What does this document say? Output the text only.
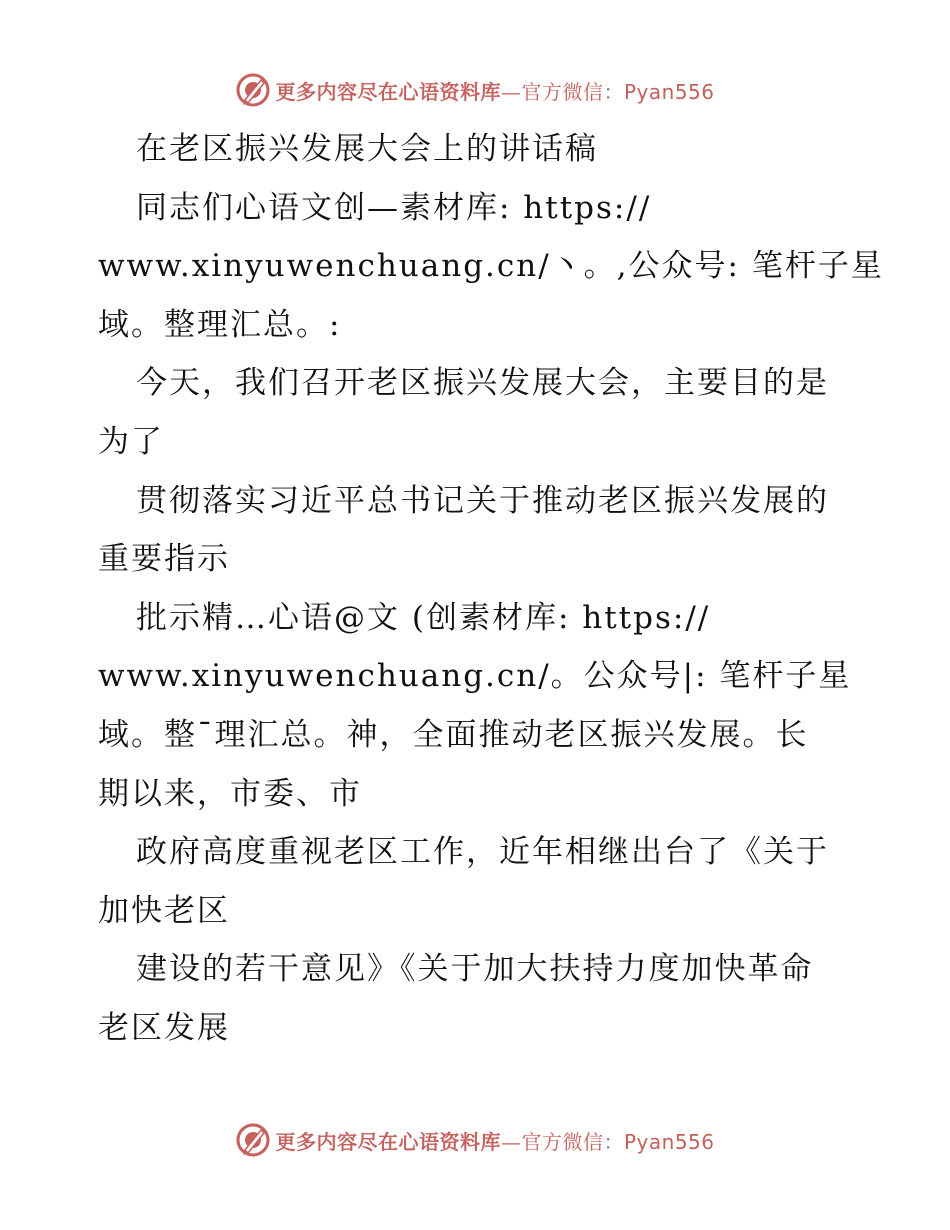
更多内容尽在心语资料库—官方微信：Pyan556
在老区振兴发展大会上的讲话稿
同志们心语文创—素材库: https://
www.xinyuwenchuang.cn/丶。,公众号: 笔杆子星
域。整理汇总。:
今天，我们召开老区振兴发展大会，主要目的是
为了
贯彻落实习近平总书记关于推动老区振兴发展的
重要指示
批示精…心语@文 (创素材库: https://
www.xinyuwenchuang.cn/。公众号|: 笔杆子星
域。整¯理汇总。神，全面推动老区振兴发展。长
期以来，市委、市
政府高度重视老区工作，近年相继出台了《关于
加快老区
建设的若干意见》《关于加大扶持力度加快革命
老区发展
更多内容尽在心语资料库—官方微信：Pyan556
